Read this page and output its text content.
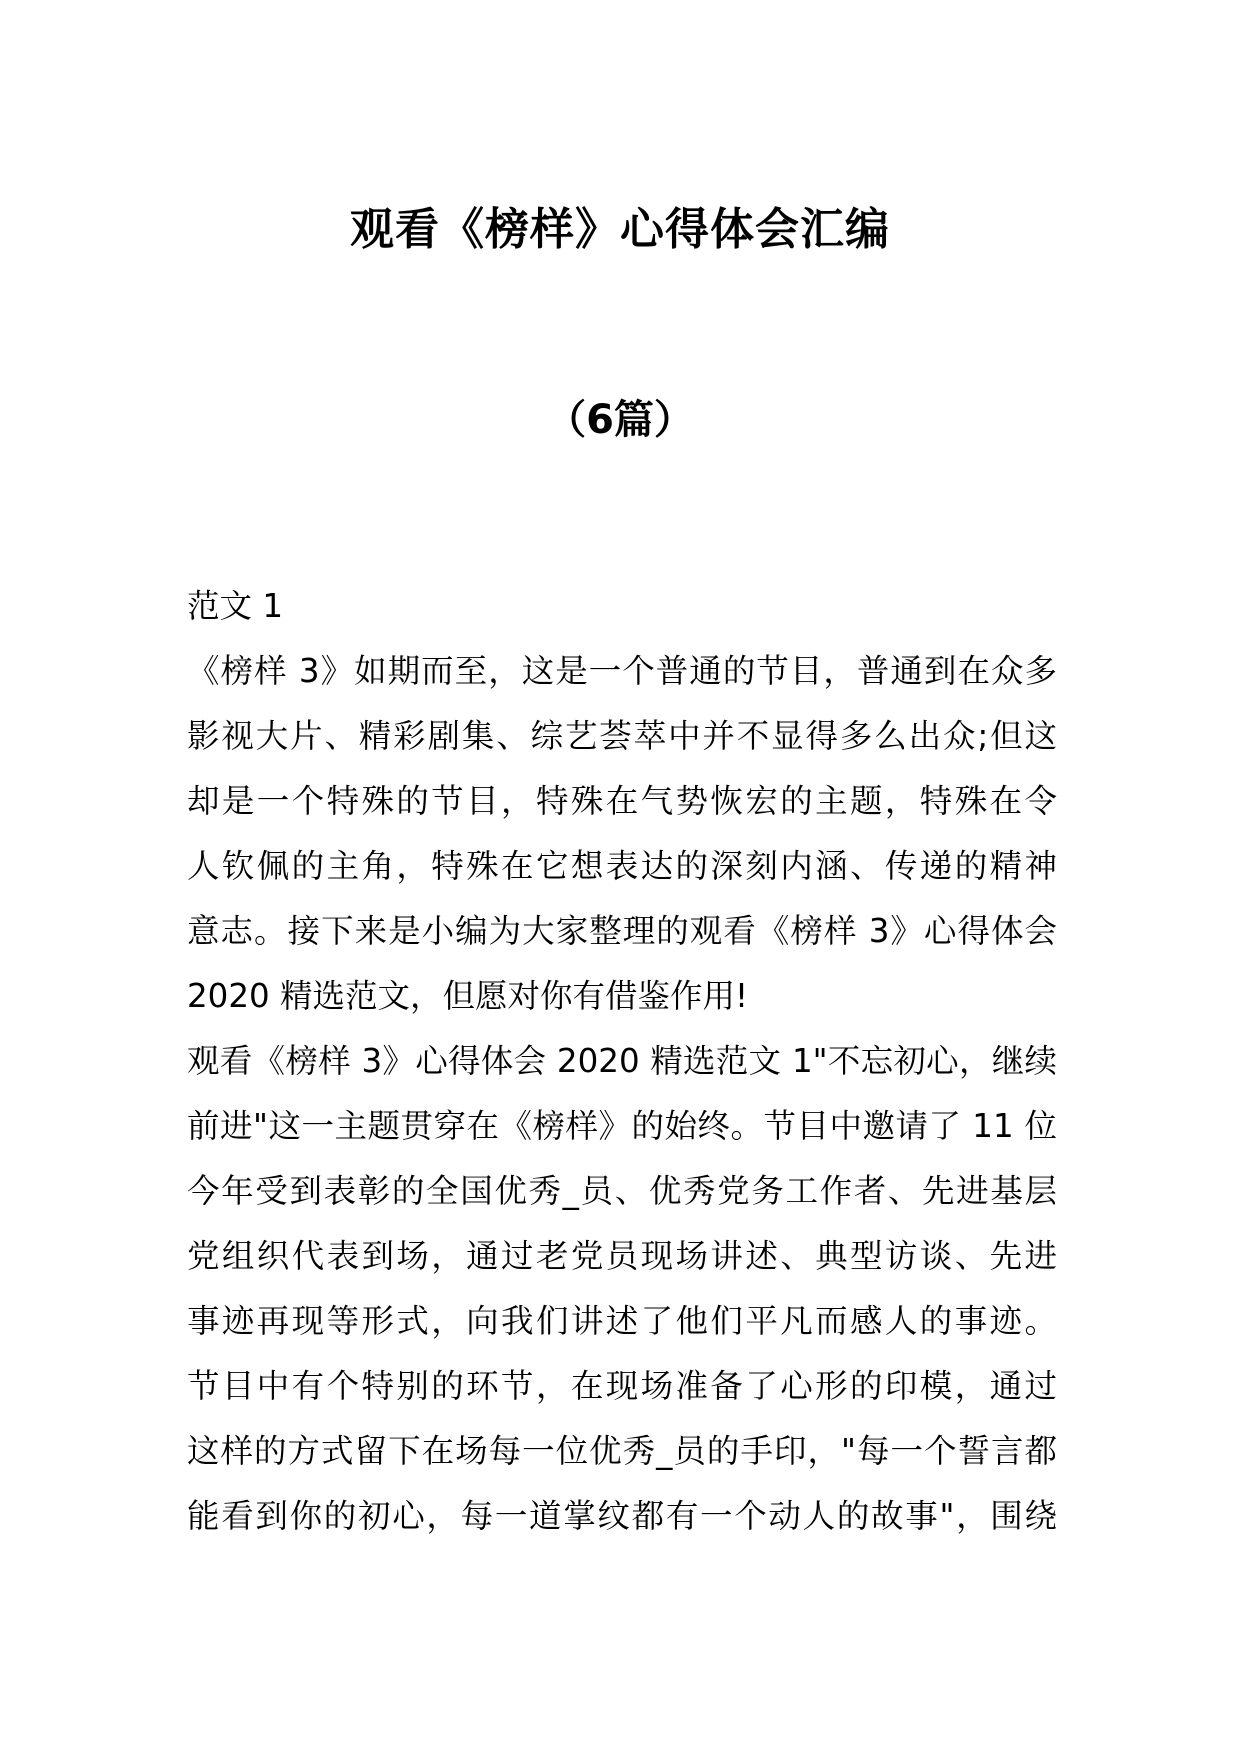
观看《榜样》心得体会汇编
（6篇）
范文 1
《榜样 3》如期而至，这是一个普通的节目，普通到在众多
影视大片、精彩剧集、综艺荟萃中并不显得多么出众;但这
却是一个特殊的节目，特殊在气势恢宏的主题，特殊在令
人钦佩的主角，特殊在它想表达的深刻内涵、传递的精神
意志。接下来是小编为大家整理的观看《榜样 3》心得体会
2020 精选范文，但愿对你有借鉴作用!
观看《榜样 3》心得体会 2020 精选范文 1"不忘初心，继续
前进"这一主题贯穿在《榜样》的始终。节目中邀请了 11 位
今年受到表彰的全国优秀_员、优秀党务工作者、先进基层
党组织代表到场，通过老党员现场讲述、典型访谈、先进
事迹再现等形式，向我们讲述了他们平凡而感人的事迹。
节目中有个特别的环节，在现场准备了心形的印模，通过
这样的方式留下在场每一位优秀_员的手印，"每一个誓言都
能看到你的初心，每一道掌纹都有一个动人的故事"，围绕
